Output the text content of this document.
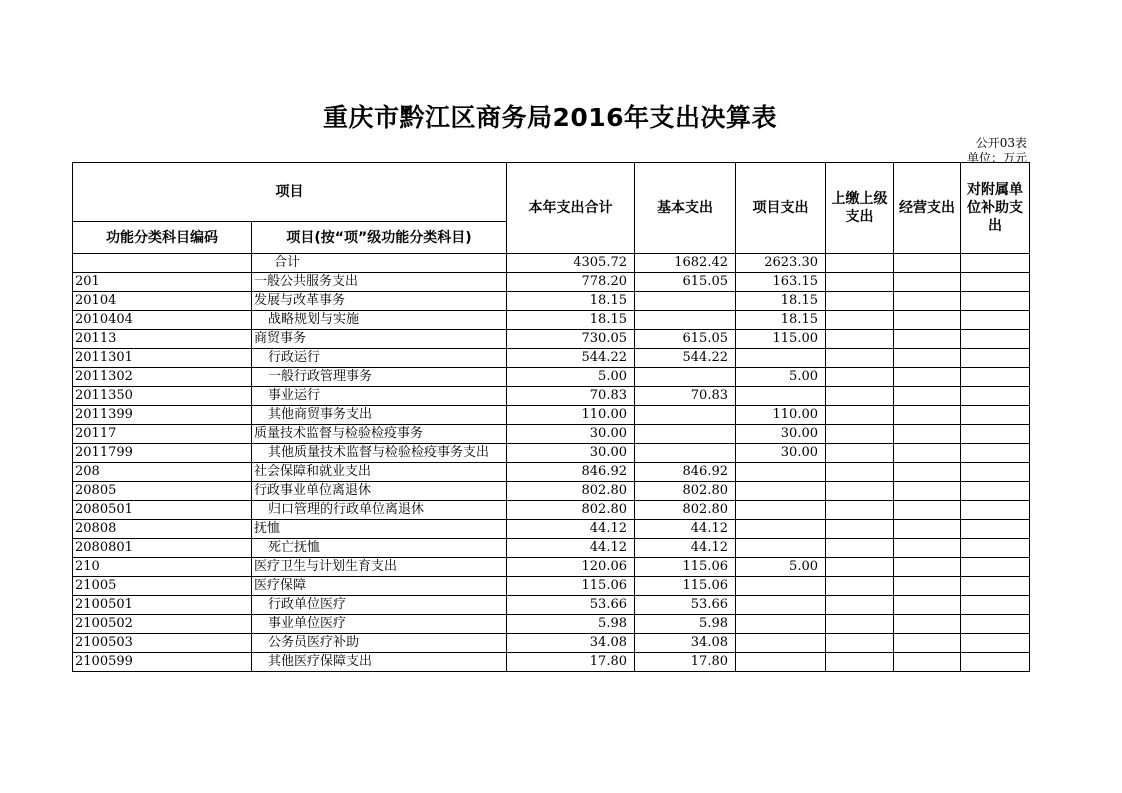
重庆市黔江区商务局2016年支出决算表
公开03表
单位：万元
项目		本年支出合计	基本支出	项目支出	上缴上级支出	经营支出	对附属单位补助支出
功能分类科目编码	项目(按“项”级功能分类科目)						
	合计	4305.72	1682.42	2623.30			
201	一般公共服务支出	778.20	615.05	163.15			
20104	发展与改革事务	18.15		18.15			
2010404	战略规划与实施	18.15		18.15			
20113	商贸事务	730.05	615.05	115.00			
2011301	行政运行	544.22	544.22				
2011302	一般行政管理事务	5.00		5.00			
2011350	事业运行	70.83	70.83				
2011399	其他商贸事务支出	110.00		110.00			
20117	质量技术监督与检验检疫事务	30.00		30.00			
2011799	其他质量技术监督与检验检疫事务支出	30.00		30.00			
208	社会保障和就业支出	846.92	846.92				
20805	行政事业单位离退休	802.80	802.80				
2080501	归口管理的行政单位离退休	802.80	802.80				
20808	抚恤	44.12	44.12				
2080801	死亡抚恤	44.12	44.12				
210	医疗卫生与计划生育支出	120.06	115.06	5.00			
21005	医疗保障	115.06	115.06				
2100501	行政单位医疗	53.66	53.66				
2100502	事业单位医疗	5.98	5.98				
2100503	公务员医疗补助	34.08	34.08				
2100599	其他医疗保障支出	17.80	17.80				
